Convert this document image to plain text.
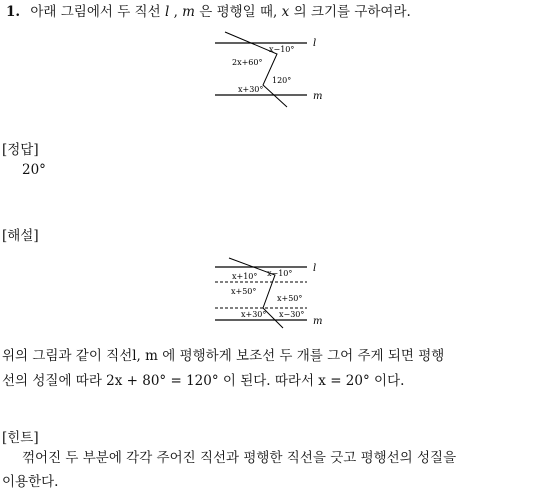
1. 아래 그림에서 두 직선 l , m 은 평행일 때, x 의 크기를 구하여라.
l
m
x−10°
2x+60°
120°
x+30°
[정답]
20°
[해설]
l
m
x+10° x−10°
x+50°
x+50°
x+30° x−30°
위의 그림과 같이 직선l, m 에 평행하게 보조선 두 개를 그어 주게 되면 평행
선의 성질에 따라 2x + 80° = 120° 이 된다. 따라서 x = 20° 이다.
[힌트]
꺾어진 두 부분에 각각 주어진 직선과 평행한 직선을 긋고 평행선의 성질을
이용한다.
